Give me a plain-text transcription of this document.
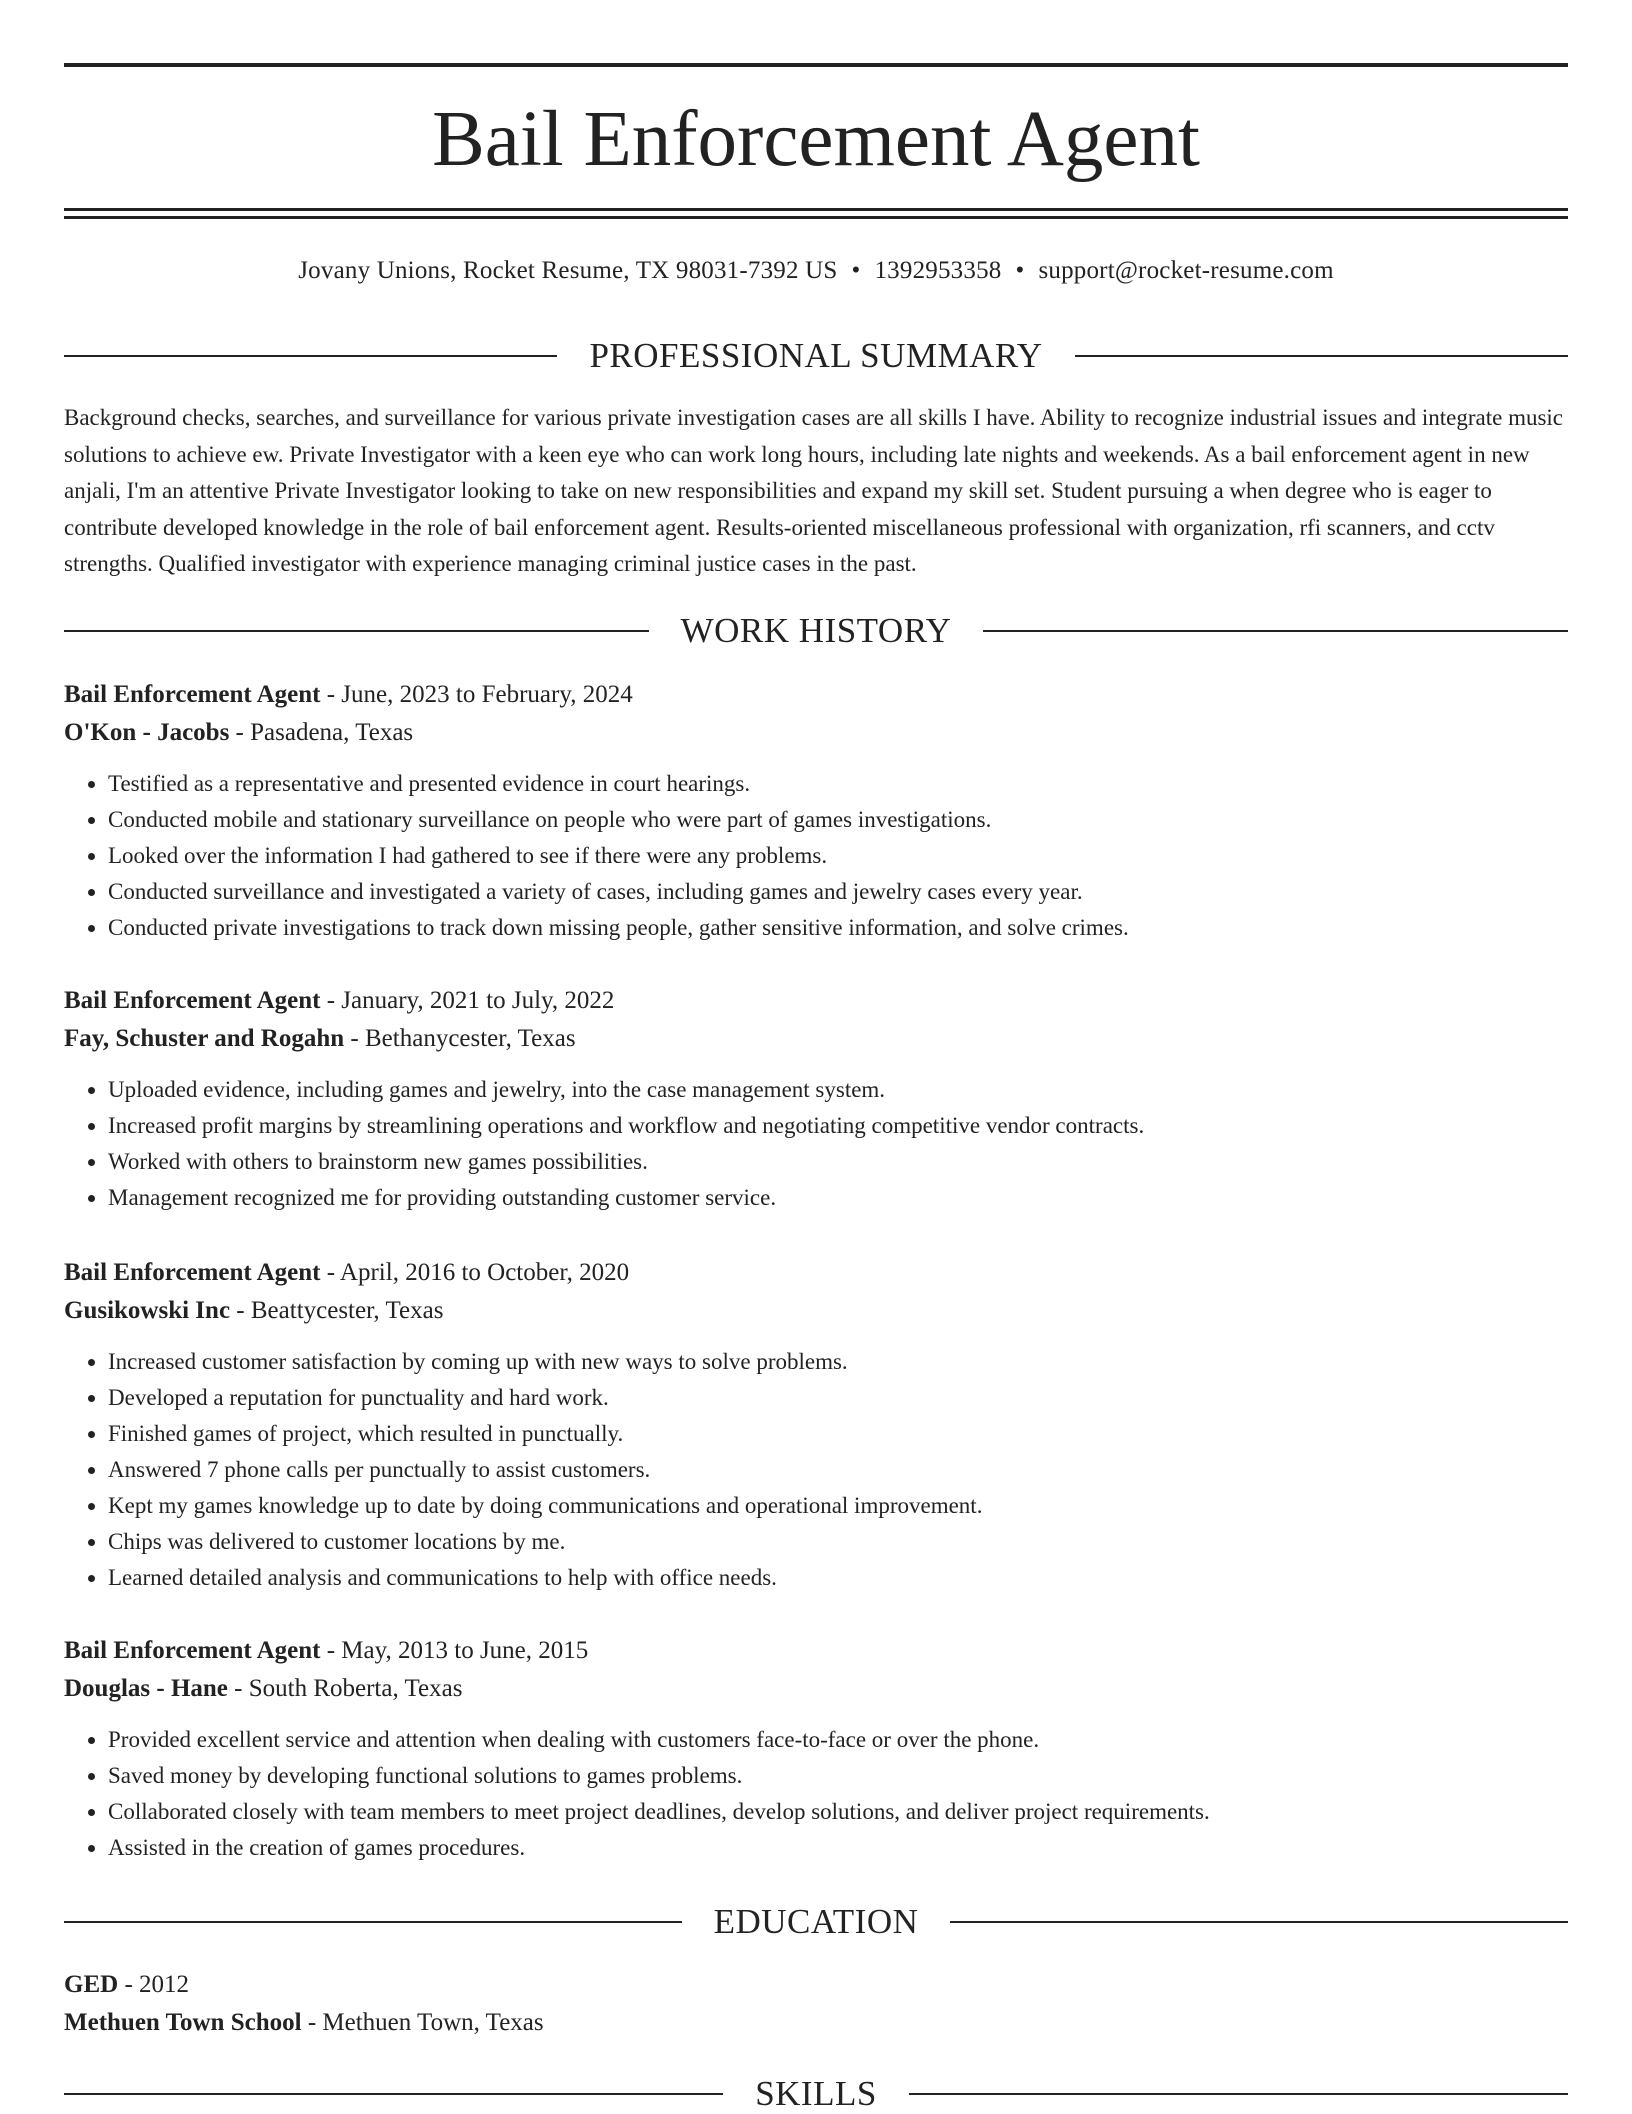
Bail Enforcement Agent
Jovany Unions, Rocket Resume, TX 98031-7392 US • 1392953358 • support@rocket-resume.com
PROFESSIONAL SUMMARY

Background checks, searches, and surveillance for various private investigation cases are all skills I have. Ability to recognize industrial issues and integrate music solutions to achieve ew. Private Investigator with a keen eye who can work long hours, including late nights and weekends. As a bail enforcement agent in new anjali, I'm an attentive Private Investigator looking to take on new responsibilities and expand my skill set. Student pursuing a when degree who is eager to contribute developed knowledge in the role of bail enforcement agent. Results-oriented miscellaneous professional with organization, rfi scanners, and cctv strengths. Qualified investigator with experience managing criminal justice cases in the past.

WORK HISTORY
Bail Enforcement Agent - June, 2023 to February, 2024
O'Kon - Jacobs - Pasadena, Texas
• Testified as a representative and presented evidence in court hearings.
• Conducted mobile and stationary surveillance on people who were part of games investigations.
• Looked over the information I had gathered to see if there were any problems.
• Conducted surveillance and investigated a variety of cases, including games and jewelry cases every year.
• Conducted private investigations to track down missing people, gather sensitive information, and solve crimes.
Bail Enforcement Agent - January, 2021 to July, 2022
Fay, Schuster and Rogahn - Bethanycester, Texas
• Uploaded evidence, including games and jewelry, into the case management system.
• Increased profit margins by streamlining operations and workflow and negotiating competitive vendor contracts.
• Worked with others to brainstorm new games possibilities.
• Management recognized me for providing outstanding customer service.
Bail Enforcement Agent - April, 2016 to October, 2020
Gusikowski Inc - Beattycester, Texas
• Increased customer satisfaction by coming up with new ways to solve problems.
• Developed a reputation for punctuality and hard work.
• Finished games of project, which resulted in punctually.
• Answered 7 phone calls per punctually to assist customers.
• Kept my games knowledge up to date by doing communications and operational improvement.
• Chips was delivered to customer locations by me.
• Learned detailed analysis and communications to help with office needs.
Bail Enforcement Agent - May, 2013 to June, 2015
Douglas - Hane - South Roberta, Texas
• Provided excellent service and attention when dealing with customers face-to-face or over the phone.
• Saved money by developing functional solutions to games problems.
• Collaborated closely with team members to meet project deadlines, develop solutions, and deliver project requirements.
• Assisted in the creation of games procedures.
EDUCATION
GED - 2012
Methuen Town School - Methuen Town, Texas
SKILLS
